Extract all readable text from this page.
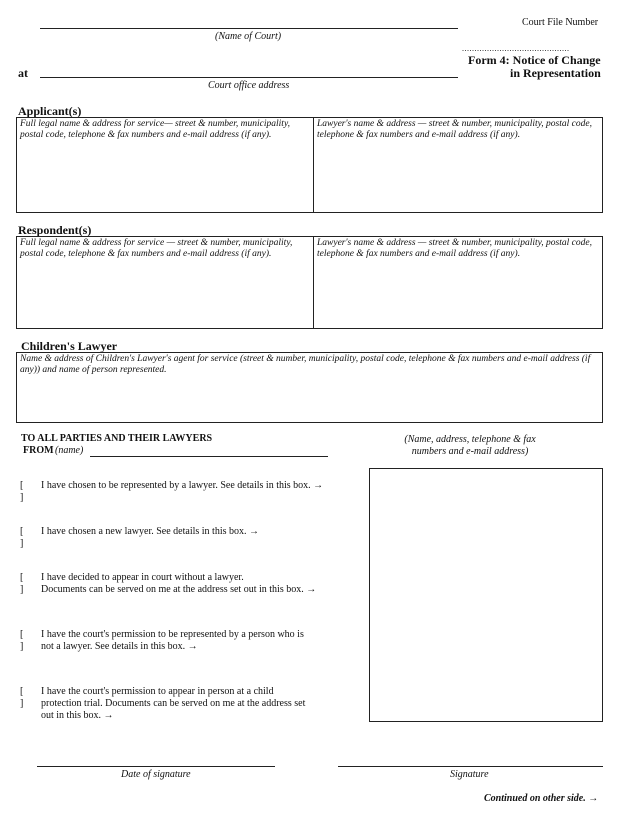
Court File Number
(Name of Court)
...........................................
Form 4: Notice of Change
in Representation
at
Court office address
Applicant(s)
Full legal name & address for service— street & number, municipality, postal code, telephone & fax numbers and e-mail address (if any).
Lawyer's name & address — street & number, municipality, postal code, telephone & fax numbers and e-mail address (if any).
Respondent(s)
Full legal name & address for service — street & number, municipality, postal code, telephone & fax numbers and e-mail address (if any).
Lawyer's name & address — street & number, municipality, postal code, telephone & fax numbers and e-mail address (if any).
Children's Lawyer
Name & address of Children's Lawyer's agent for service (street & number, municipality, postal code, telephone & fax numbers and e-mail address (if any)) and name of person represented.
TO ALL PARTIES AND THEIR LAWYERS
FROM (name)
(Name, address, telephone & fax
numbers and e-mail address)
[ ]
I have chosen to be represented by a lawyer. See details in this box. →
[ ]
I have chosen a new lawyer. See details in this box. →
[ ]
I have decided to appear in court without a lawyer.
Documents can be served on me at the address set out in this box. →
[ ]
I have the court's permission to be represented by a person who is
not a lawyer. See details in this box. →
[ ]
I have the court's permission to appear in person at a child
protection trial. Documents can be served on me at the address set
out in this box. →
Date of signature	Signature
Continued on other side. →
